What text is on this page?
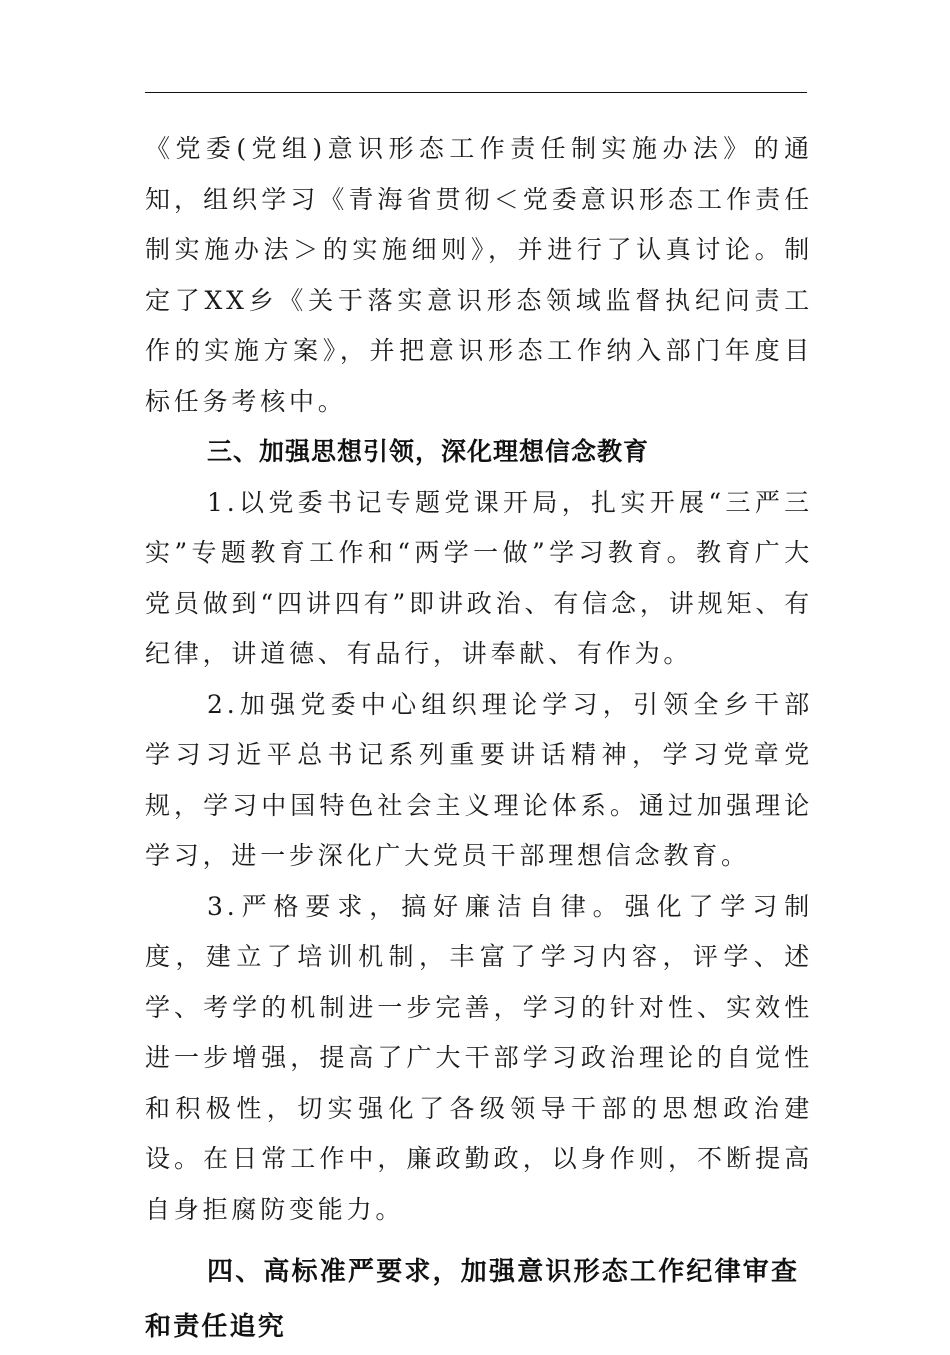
《党委(党组)意识形态工作责任制实施办法》的通知，组织学习《青海省贯彻＜党委意识形态工作责任制实施办法＞的实施细则》，并进行了认真讨论。制定了XX乡《关于落实意识形态领域监督执纪问责工作的实施方案》，并把意识形态工作纳入部门年度目标任务考核中。

三、加强思想引领，深化理想信念教育

1.以党委书记专题党课开局，扎实开展“三严三实”专题教育工作和“两学一做”学习教育。教育广大党员做到“四讲四有”即讲政治、有信念，讲规矩、有纪律，讲道德、有品行，讲奉献、有作为。

2.加强党委中心组织理论学习，引领全乡干部学习习近平总书记系列重要讲话精神，学习党章党规，学习中国特色社会主义理论体系。通过加强理论学习，进一步深化广大党员干部理想信念教育。

3.严格要求，搞好廉洁自律。强化了学习制度，建立了培训机制，丰富了学习内容，评学、述学、考学的机制进一步完善，学习的针对性、实效性进一步增强，提高了广大干部学习政治理论的自觉性和积极性，切实强化了各级领导干部的思想政治建设。在日常工作中，廉政勤政，以身作则，不断提高自身拒腐防变能力。

四、高标准严要求，加强意识形态工作纪律审查和责任追究
